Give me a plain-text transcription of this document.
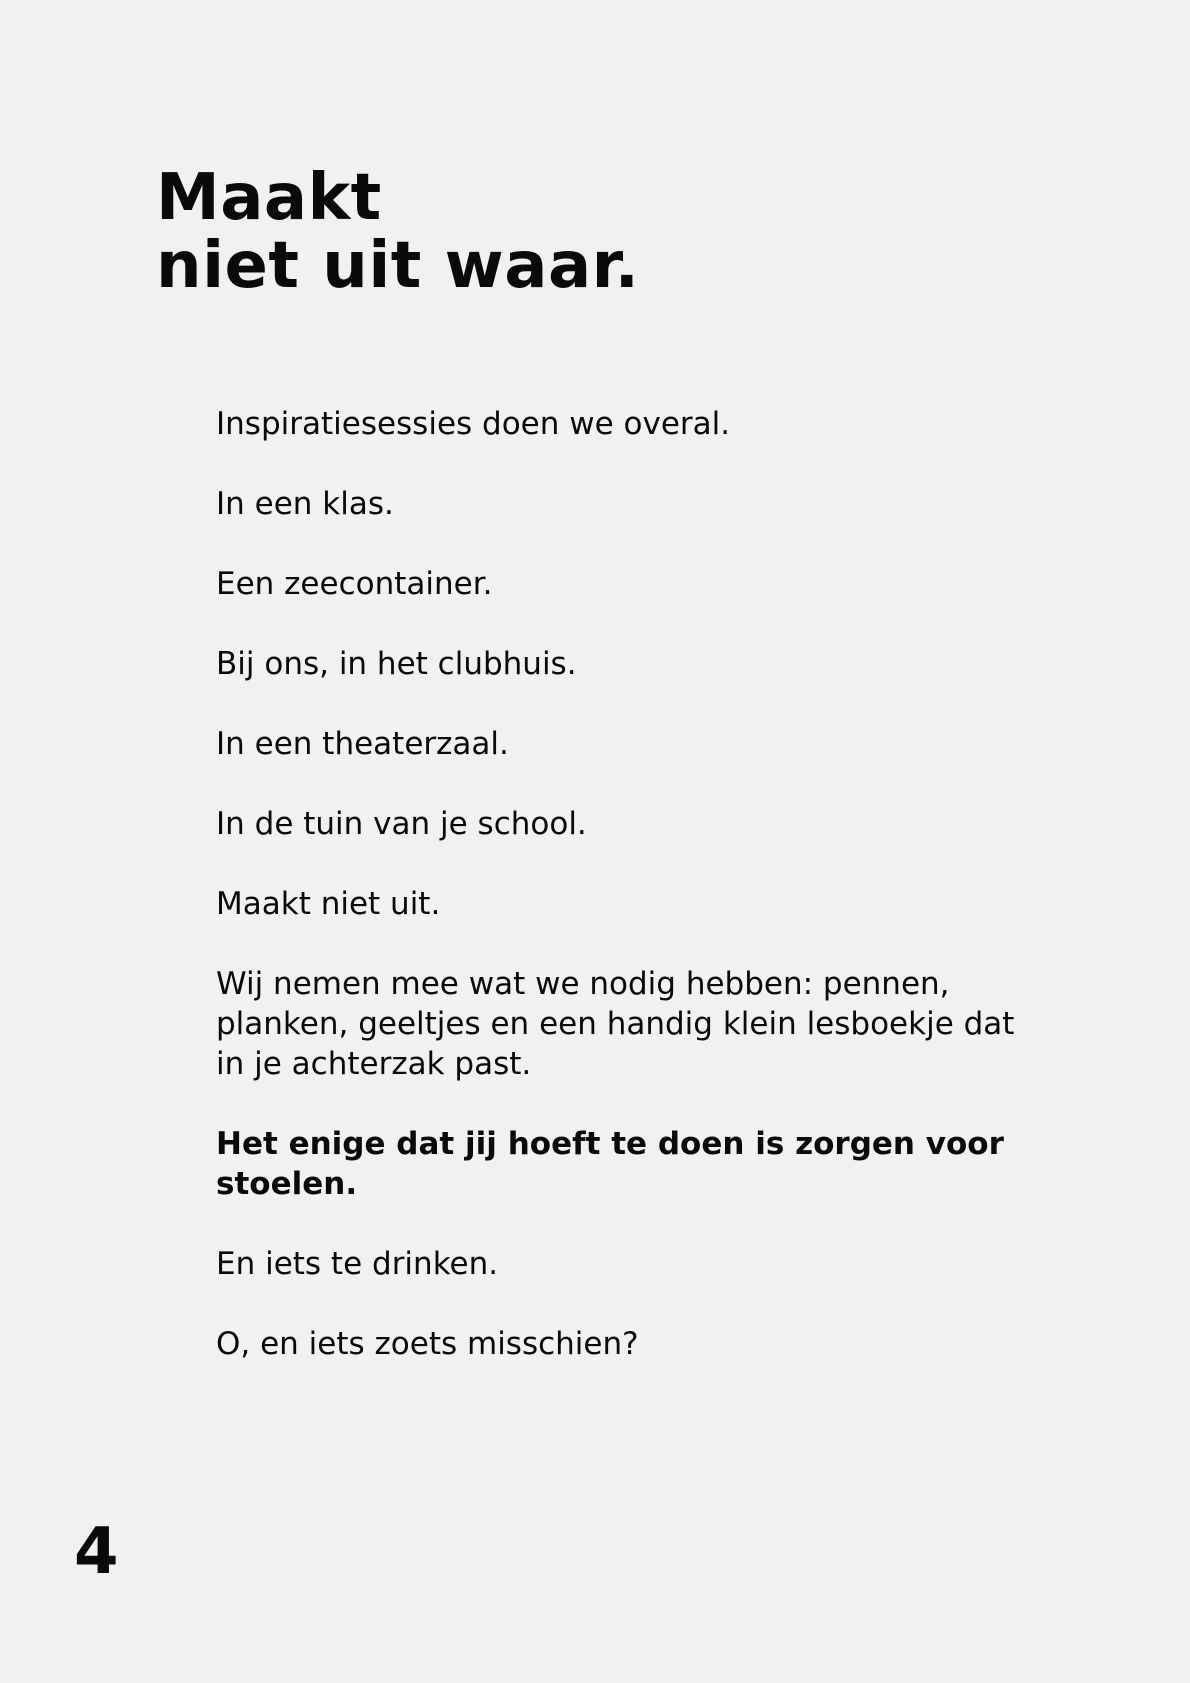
Maakt
niet uit waar.

Inspiratiesessies doen we overal.

In een klas.

Een zeecontainer.

Bij ons, in het clubhuis.

In een theaterzaal.

In de tuin van je school.

Maakt niet uit.

Wij nemen mee wat we nodig hebben: pennen, planken, geeltjes en een handig klein lesboekje dat in je achterzak past.

Het enige dat jij hoeft te doen is zorgen voor stoelen.

En iets te drinken.

O, en iets zoets misschien?

4
